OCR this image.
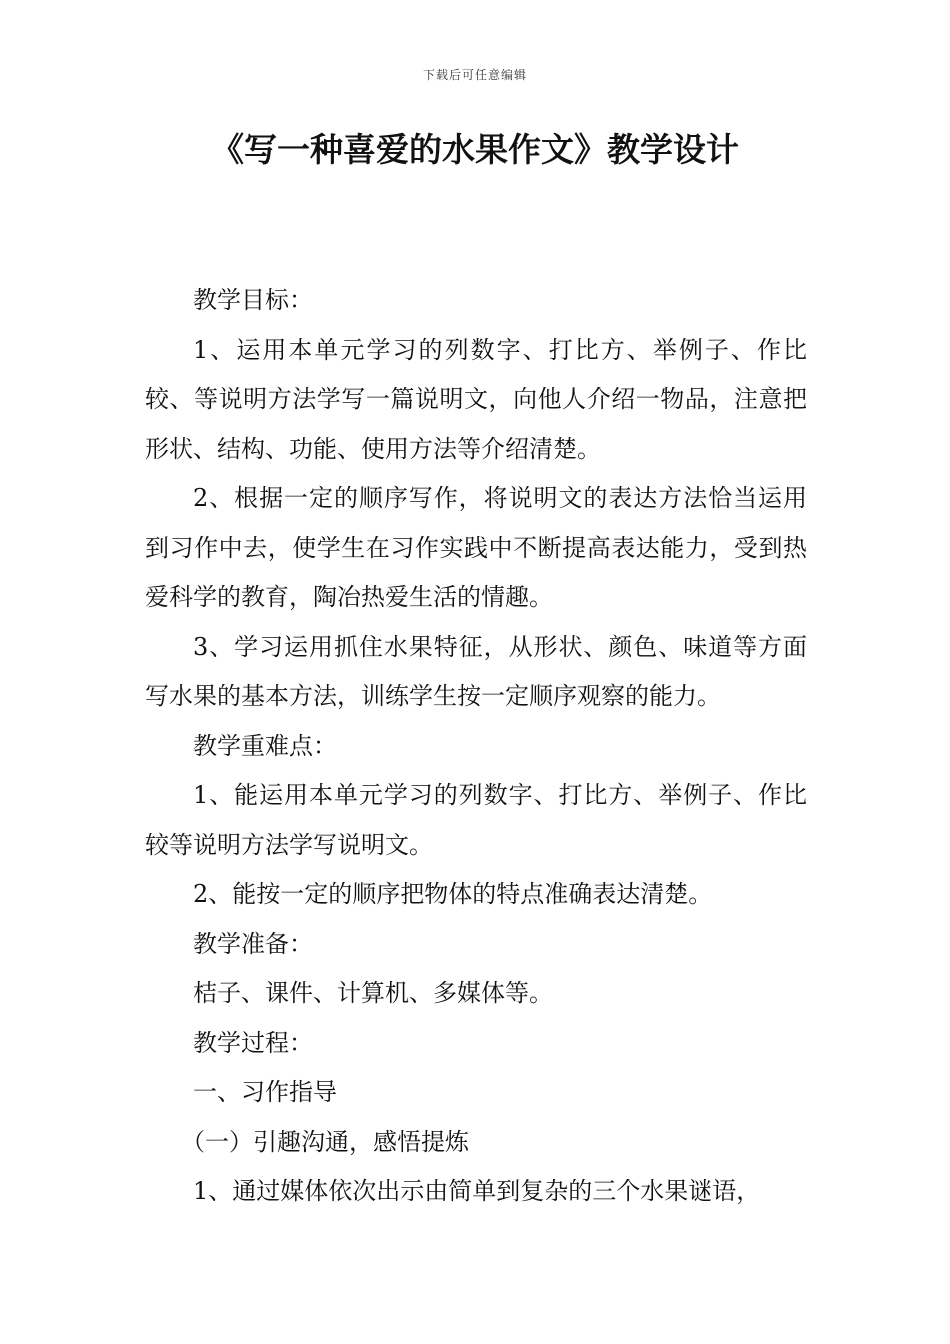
下载后可任意编辑
《写一种喜爱的水果作文》教学设计

教学目标：

1、运用本单元学习的列数字、打比方、举例子、作比较、等说明方法学写一篇说明文，向他人介绍一物品，注意把形状、结构、功能、使用方法等介绍清楚。

2、根据一定的顺序写作，将说明文的表达方法恰当运用到习作中去，使学生在习作实践中不断提高表达能力，受到热爱科学的教育，陶冶热爱生活的情趣。

3、学习运用抓住水果特征，从形状、颜色、味道等方面写水果的基本方法，训练学生按一定顺序观察的能力。

教学重难点：

1、能运用本单元学习的列数字、打比方、举例子、作比较等说明方法学写说明文。

2、能按一定的顺序把物体的特点准确表达清楚。

教学准备：

桔子、课件、计算机、多媒体等。

教学过程：

一、习作指导

（一）引趣沟通，感悟提炼

1、通过媒体依次出示由简单到复杂的三个水果谜语，
